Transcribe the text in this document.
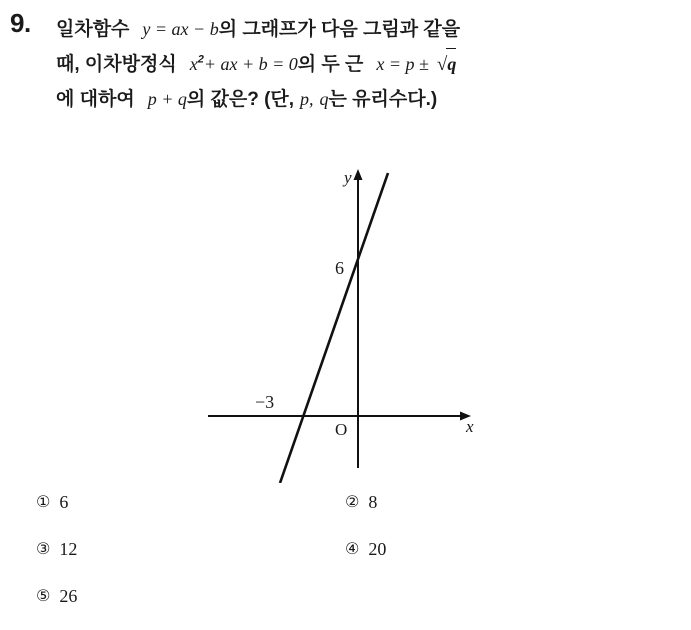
9. 일차함수 y = ax − b의 그래프가 다음 그림과 같을
때, 이차방정식 $x^2+$ ax + b = 0의 두 근 x = p ± √
q
에 대하여 p + q의 값은? (단, p, q는 유리수다.)
y
x
6
−3
O
① 6	② 8
③ 12	④ 20
⑤ 26
